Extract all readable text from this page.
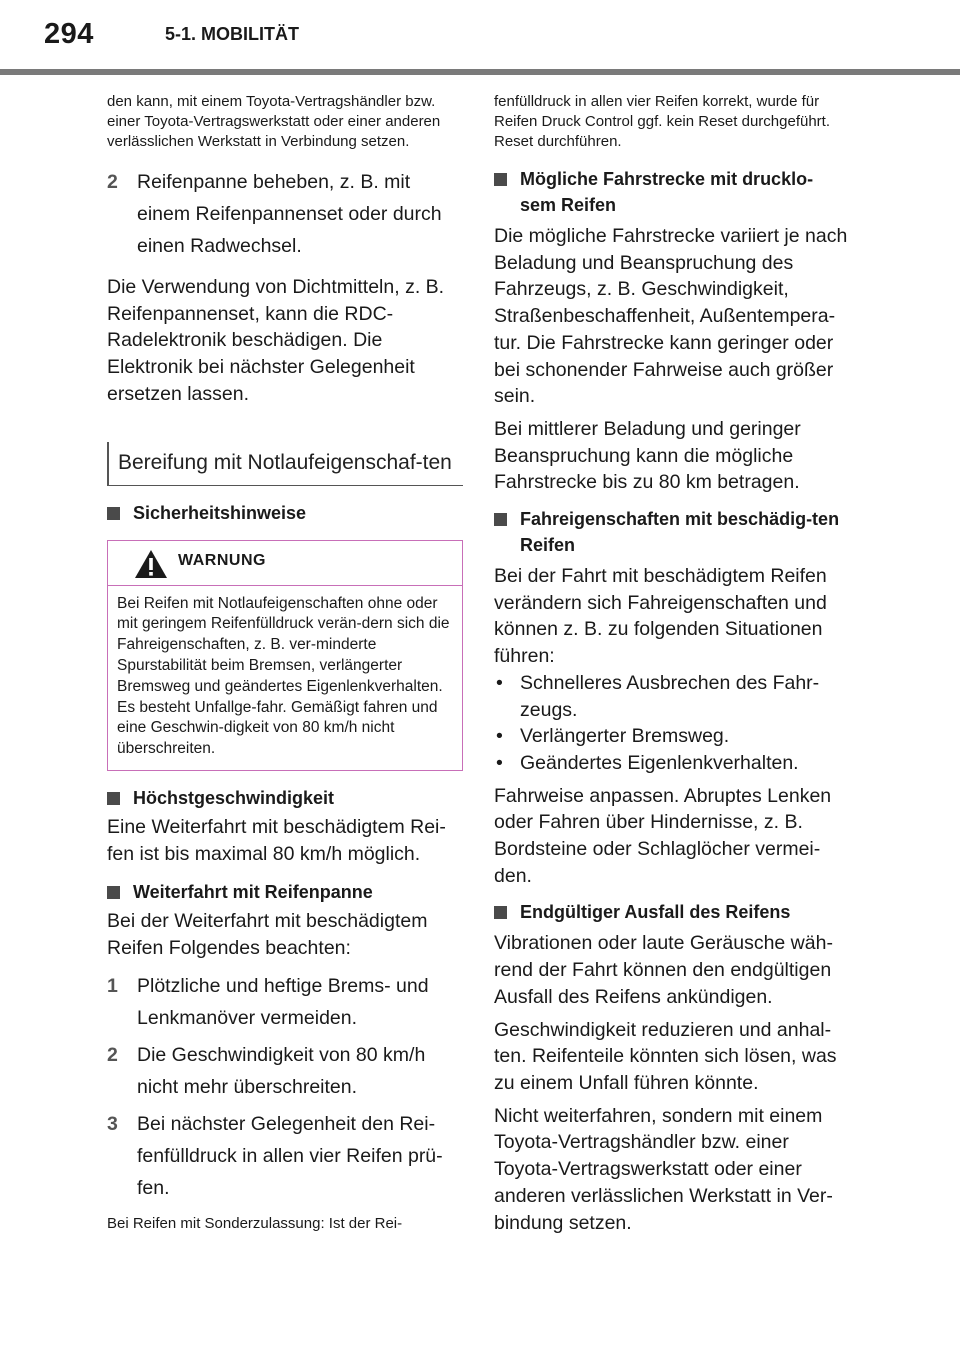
294	5-1. MOBILITÄT

den kann, mit einem Toyota-Vertragshändler bzw. einer Toyota-Vertragswerkstatt oder einer anderen verlässlichen Werkstatt in Verbindung setzen.

2 Reifenpanne beheben, z. B. mit einem Reifenpannenset oder durch einen Radwechsel.

Die Verwendung von Dichtmitteln, z. B. Reifenpannenset, kann die RDC-Radelektronik beschädigen. Die Elektronik bei nächster Gelegenheit ersetzen lassen.

Bereifung mit Notlaufeigenschaf-ten

Sicherheitshinweise

WARNUNG

Bei Reifen mit Notlaufeigenschaften ohne oder mit geringem Reifenfülldruck verän-dern sich die Fahreigenschaften, z. B. ver-minderte Spurstabilität beim Bremsen, verlängerter Bremsweg und geändertes Eigenlenkverhalten. Es besteht Unfallge-fahr. Gemäßigt fahren und eine Geschwin-digkeit von 80 km/h nicht überschreiten.

Höchstgeschwindigkeit

Eine Weiterfahrt mit beschädigtem Rei-fen ist bis maximal 80 km/h möglich.

Weiterfahrt mit Reifenpanne

Bei der Weiterfahrt mit beschädigtem Reifen Folgendes beachten:

1 Plötzliche und heftige Brems- und Lenkmanöver vermeiden.

2 Die Geschwindigkeit von 80 km/h nicht mehr überschreiten.

3 Bei nächster Gelegenheit den Rei-fenfülldruck in allen vier Reifen prü-fen.

Bei Reifen mit Sonderzulassung: Ist der Rei-

fenfülldruck in allen vier Reifen korrekt, wurde für Reifen Druck Control ggf. kein Reset durchgeführt. Reset durchführen.

Mögliche Fahrstrecke mit drucklo-sem Reifen

Die mögliche Fahrstrecke variiert je nach Beladung und Beanspruchung des Fahrzeugs, z. B. Geschwindigkeit, Straßenbeschaffenheit, Außentempera-tur. Die Fahrstrecke kann geringer oder bei schonender Fahrweise auch größer sein.

Bei mittlerer Beladung und geringer Beanspruchung kann die mögliche Fahrstrecke bis zu 80 km betragen.

Fahreigenschaften mit beschädig-ten Reifen

Bei der Fahrt mit beschädigtem Reifen verändern sich Fahreigenschaften und können z. B. zu folgenden Situationen führen:

• Schnelleres Ausbrechen des Fahr-zeugs.
• Verlängerter Bremsweg.
• Geändertes Eigenlenkverhalten.

Fahrweise anpassen. Abruptes Lenken oder Fahren über Hindernisse, z. B. Bordsteine oder Schlaglöcher vermei-den.

Endgültiger Ausfall des Reifens

Vibrationen oder laute Geräusche wäh-rend der Fahrt können den endgültigen Ausfall des Reifens ankündigen.

Geschwindigkeit reduzieren und anhal-ten. Reifenteile könnten sich lösen, was zu einem Unfall führen könnte.

Nicht weiterfahren, sondern mit einem Toyota-Vertragshändler bzw. einer Toyota-Vertragswerkstatt oder einer anderen verlässlichen Werkstatt in Ver-bindung setzen.
